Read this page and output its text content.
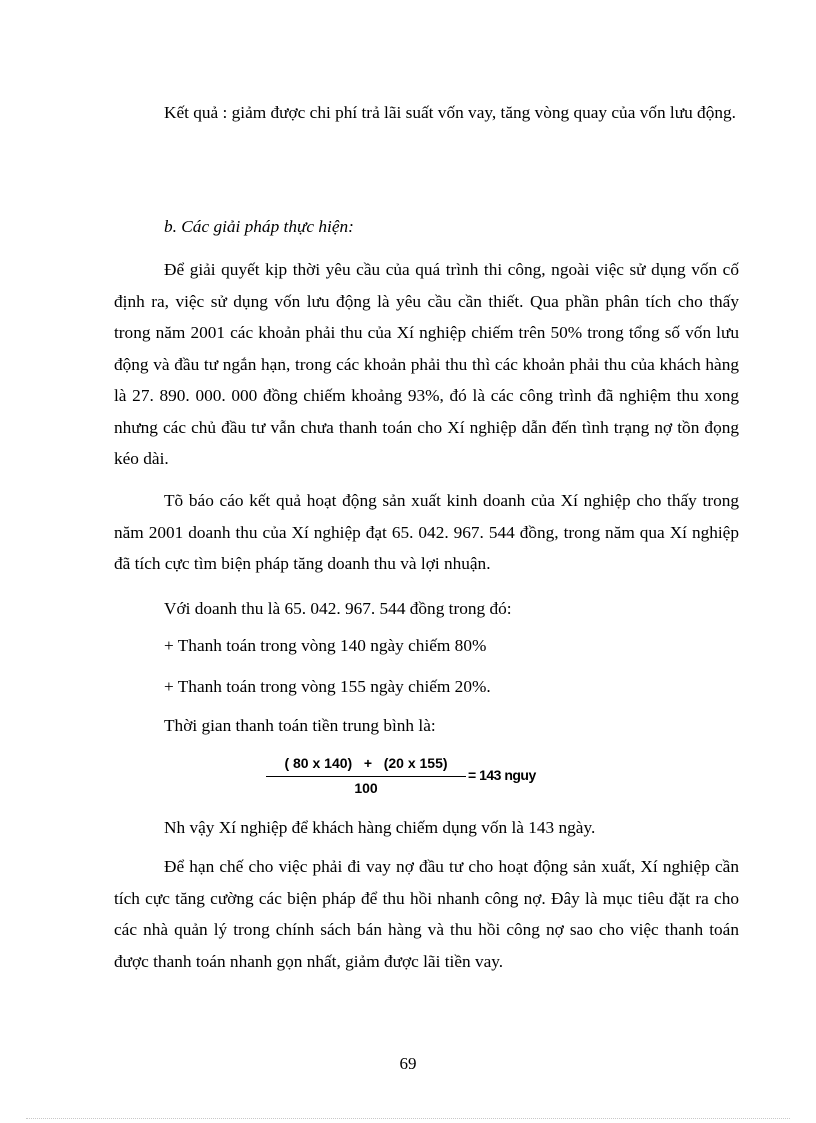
Kết quả : giảm được chi phí trả lãi suất vốn vay, tăng vòng quay của vốn lưu động.

b. Các giải pháp thực hiện:

Để giải quyết kịp thời yêu cầu của quá trình thi công, ngoài việc sử dụng vốn cố định ra, việc sử dụng vốn lưu động là yêu cầu cần thiết. Qua phần phân tích cho thấy trong năm 2001 các khoản phải thu của Xí nghiệp chiếm trên 50% trong tổng số vốn lưu động và đầu tư ngắn hạn, trong các khoản phải thu thì các khoản phải thu của khách hàng là 27. 890. 000. 000 đồng chiếm khoảng 93%, đó là các công trình đã nghiệm thu xong nhưng các chủ đầu tư vẫn chưa thanh toán cho Xí nghiệp dẫn đến tình trạng nợ tồn đọng kéo dài.

Tõ báo cáo kết quả hoạt động sản xuất kinh doanh của Xí nghiệp cho thấy trong năm 2001 doanh thu của Xí nghiệp đạt 65. 042. 967. 544 đồng, trong năm qua Xí nghiệp đã tích cực tìm biện pháp tăng doanh thu và lợi nhuận.

Với doanh thu là 65. 042. 967. 544 đồng trong đó:

+ Thanh toán trong vòng 140 ngày chiếm 80%

+ Thanh toán trong vòng 155 ngày chiếm 20%.

Thời gian thanh toán tiền trung bình là:

$\frac{( 80 x 140) + (20 x 155)}{100} = 143$ nguy

Nh vậy Xí nghiệp để khách hàng chiếm dụng vốn là 143 ngày.

Để hạn chế cho việc phải đi vay nợ đầu tư cho hoạt động sản xuất, Xí nghiệp cần tích cực tăng cường các biện pháp để thu hồi nhanh công nợ. Đây là mục tiêu đặt ra cho các nhà quản lý trong chính sách bán hàng và thu hồi công nợ sao cho việc thanh toán được thanh toán nhanh gọn nhất, giảm được lãi tiền vay.

69
